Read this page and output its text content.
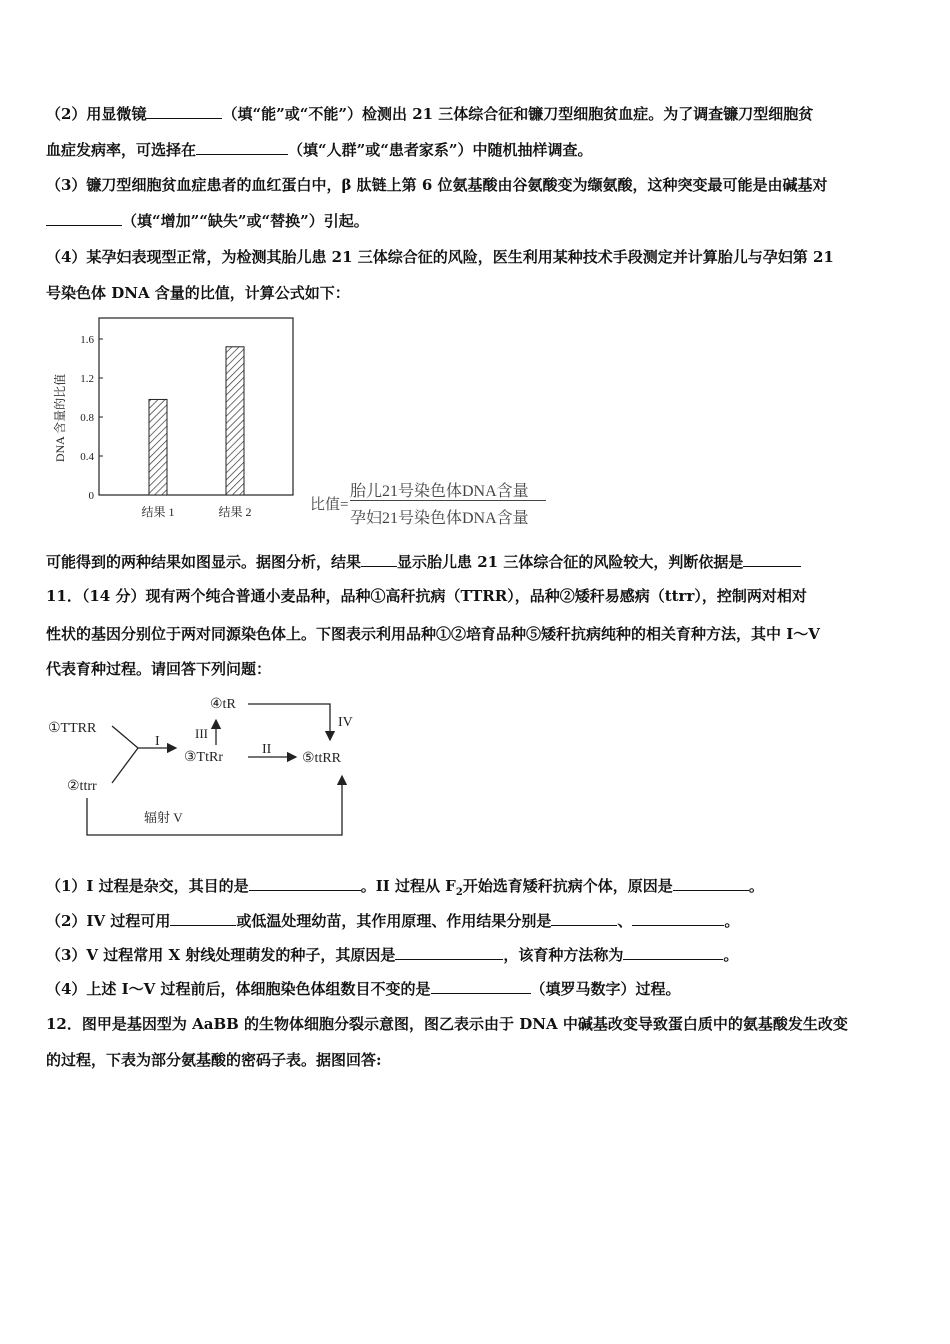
（2）用显微镜	（填“能”或“不能”）检测出 21 三体综合征和镰刀型细胞贫血症。为了调查镰刀型细胞贫
血症发病率，可选择在	（填“人群”或“患者家系”）中随机抽样调查。
（3）镰刀型细胞贫血症患者的血红蛋白中，β 肽链上第 6 位氨基酸由谷氨酸变为缬氨酸，这种突变最可能是由碱基对
（填“增加”“缺失”或“替换”）引起。
（4）某孕妇表现型正常，为检测其胎儿患 21 三体综合征的风险，医生利用某种技术手段测定并计算胎儿与孕妇第 21
号染色体 DNA 含量的比值，计算公式如下：
0
0.4
0.8
1.2
1.6
结果 1	结果 2
DNA 含量的比值
比值=
胎儿21号染色体DNA含量
孕妇21号染色体DNA含量
可能得到的两种结果如图显示。据图分析，结果 显示胎儿患 21 三体综合征的风险较大，判断依据是
11．（14 分）现有两个纯合普通小麦品种，品种①高秆抗病（TTRR），品种②矮秆易感病（ttrr），控制两对相对
性状的基因分别位于两对同源染色体上。下图表示利用品种①②培育品种⑤矮秆抗病纯种的相关育种方法，其中 I～V
代表育种过程。请回答下列问题：
①TTRR
②ttrr
③TtRr
④tR
⑤ttRR
I
II
III
IV
辐射 V
（1）I 过程是杂交，其目的是	。II 过程从 $F_2$开始选育矮秆抗病个体，原因是	。
（2）IV 过程可用	或低温处理幼苗，其作用原理、作用结果分别是	、	。
（3）V 过程常用 X 射线处理萌发的种子，其原因是	，该育种方法称为	。
（4）上述 I～V 过程前后，体细胞染色体组数目不变的是	（填罗马数字）过程。
12．图甲是基因型为 AaBB 的生物体细胞分裂示意图，图乙表示由于 DNA 中碱基改变导致蛋白质中的氨基酸发生改变
的过程，下表为部分氨基酸的密码子表。据图回答:
